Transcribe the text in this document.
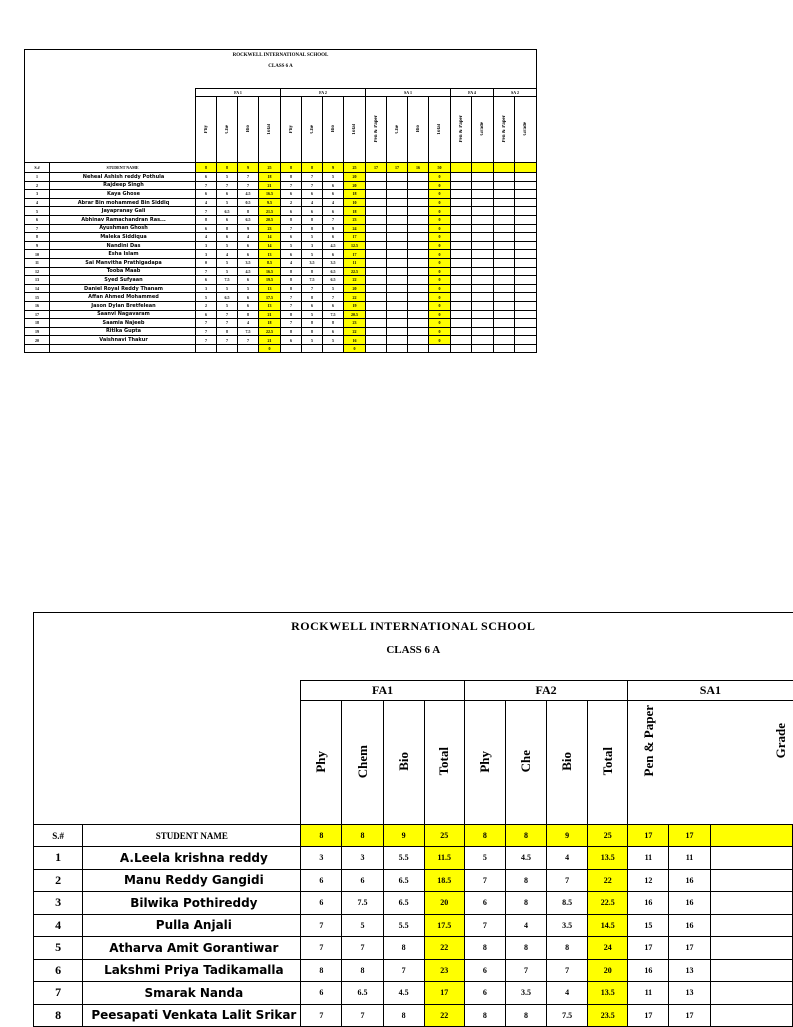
ROCKWELL INTERNATIONAL SCHOOL
CLASS 6 A																	

		FA 1				FA 2				SA 1				FA 4		SA 2	
		Phy	Che	Bio	Total	Phy	Che	Bio	Total	Pen & Paper	Che	Bio	Total	Pen & Paper	Grade	Pen & Paper	Grade
S.#	STUDENT NAME	8	8	9	25	8	8	9	25	17	17	16	50				
1	Neheal Ashish reddy Pothula	6	5	7	18	8	7	5	20				0				
2	Rajdeep Singh	7	7	7	21	7	7	6	20				0				
3	Kaya Ghose	6	6	4.5	16.5	6	6	6	18				0				
4	Abrar Bin mohammed Bin Siddiq	4	5	0.5	9.5	2	4	4	10				0				
5	Jayapranay Gali	7	6.5	8	21.5	6	6	6	18				0				
6	Abhinav Ramachandran Ras...	8	6	6.5	20.5	8	8	7	23				0				
7	Ayushman Ghosh	6	8	9	23	7	8	9	24				0				
8	Maleka Siddiqua	4	6	4	14	6	5	6	17				0				
9	Nandini Das	3	5	6	14	5	3	4.5	12.5				0				
10	Esha Islam	3	4	6	13	6	5	6	17				0				
11	Sai Manvitha Prathigadapa	0	5	3.5	8.5	4	3.5	3.5	11				0				
12	Tooba Maab	7	5	4.5	16.5	8	8	6.5	22.5				0				
13	Syed Sufyaan	6	7.5	6	19.5	8	7.5	6.5	22				0				
14	Daniel Royal Reddy Thanam	3	5	5	13	8	7	5	20				0				
15	Affan Ahmed Mohammed	5	6.5	6	17.5	7	8	7	22				0				
16	Jason Dylan Bretfelean	2	5	6	13	7	6	6	19				0				
17	Saanvi Nagavaram	6	7	8	21	8	5	7.5	20.5				0				
18	Saamia Najeeb	7	7	4	18	7	8	8	23				0				
19	Ritika Gupta	7	8	7.5	22.5	8	8	6	22				0				
20	Vaishnavi Thakur	7	7	7	21	6	5	5	16				0				
					0				0								
ROCKWELL INTERNATIONAL SCHOOL
CLASS 6 A												

		FA1				FA2				SA1		
		Phy	Chem	Bio	Total	Phy	Che	Bio	Total	Pen & Paper		Grade
S.#	STUDENT NAME	8	8	9	25	8	8	9	25	17	17	
1	A.Leela krishna reddy	3	3	5.5	11.5	5	4.5	4	13.5	11	11	
2	Manu Reddy Gangidi	6	6	6.5	18.5	7	8	7	22	12	16	
3	Bilwika Pothireddy	6	7.5	6.5	20	6	8	8.5	22.5	16	16	
4	Pulla Anjali	7	5	5.5	17.5	7	4	3.5	14.5	15	16	
5	Atharva Amit Gorantiwar	7	7	8	22	8	8	8	24	17	17	
6	Lakshmi Priya Tadikamalla	8	8	7	23	6	7	7	20	16	13	
7	Smarak Nanda	6	6.5	4.5	17	6	3.5	4	13.5	11	13	
8	Peesapati Venkata Lalit Srikar	7	7	8	22	8	8	7.5	23.5	17	17	
